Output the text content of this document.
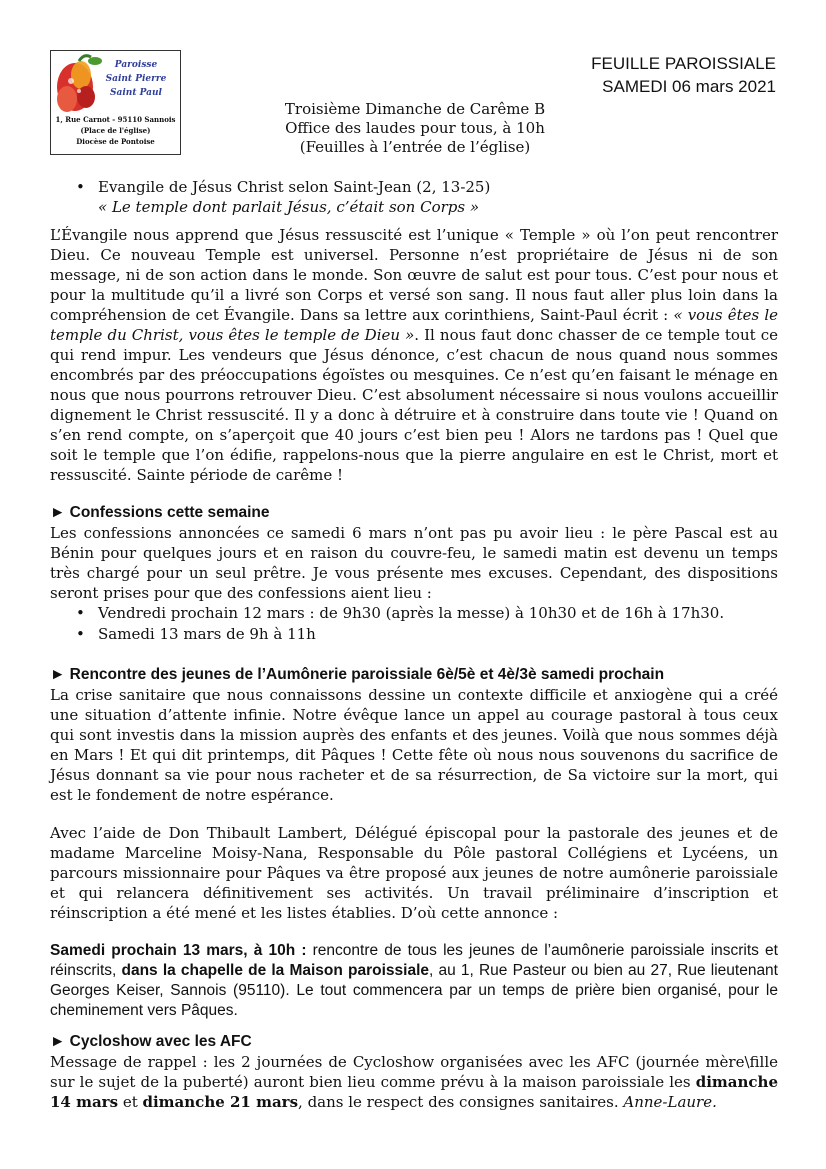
Paroisse
Saint Pierre
Saint Paul
1, Rue Carnot - 95110 Sannois
(Place de l'église)
Diocèse de Pontoise
FEUILLE PAROISSIALE
SAMEDI 06 mars 2021
Troisième Dimanche de Carême B
Office des laudes pour tous, à 10h
(Feuilles à l’entrée de l’église)
• Evangile de Jésus Christ selon Saint-Jean (2, 13-25)
« Le temple dont parlait Jésus, c’était son Corps »

L’Évangile nous apprend que Jésus ressuscité est l’unique « Temple » où l’on peut rencontrer Dieu. Ce nouveau Temple est universel. Personne n’est propriétaire de Jésus ni de son message, ni de son action dans le monde. Son œuvre de salut est pour tous. C’est pour nous et pour la multitude qu’il a livré son Corps et versé son sang. Il nous faut aller plus loin dans la compréhension de cet Évangile. Dans sa lettre aux corinthiens, Saint-Paul écrit : « vous êtes le temple du Christ, vous êtes le temple de Dieu ». Il nous faut donc chasser de ce temple tout ce qui rend impur. Les vendeurs que Jésus dénonce, c’est chacun de nous quand nous sommes encombrés par des préoccupations égoïstes ou mesquines. Ce n’est qu’en faisant le ménage en nous que nous pourrons retrouver Dieu. C’est absolument nécessaire si nous voulons accueillir dignement le Christ ressuscité. Il y a donc à détruire et à construire dans toute vie ! Quand on s’en rend compte, on s’aperçoit que 40 jours c’est bien peu ! Alors ne tardons pas ! Quel que soit le temple que l’on édifie, rappelons-nous que la pierre angulaire en est le Christ, mort et ressuscité. Sainte période de carême !

► Confessions cette semaine

Les confessions annoncées ce samedi 6 mars n’ont pas pu avoir lieu : le père Pascal est au Bénin pour quelques jours et en raison du couvre-feu, le samedi matin est devenu un temps très chargé pour un seul prêtre. Je vous présente mes excuses. Cependant, des dispositions seront prises pour que des confessions aient lieu :

• Vendredi prochain 12 mars : de 9h30 (après la messe) à 10h30 et de 16h à 17h30.
• Samedi 13 mars de 9h à 11h

► Rencontre des jeunes de l’Aumônerie paroissiale 6è/5è et 4è/3è samedi prochain

La crise sanitaire que nous connaissons dessine un contexte difficile et anxiogène qui a créé une situation d’attente infinie. Notre évêque lance un appel au courage pastoral à tous ceux qui sont investis dans la mission auprès des enfants et des jeunes. Voilà que nous sommes déjà en Mars ! Et qui dit printemps, dit Pâques ! Cette fête où nous nous souvenons du sacrifice de Jésus donnant sa vie pour nous racheter et de sa résurrection, de Sa victoire sur la mort, qui est le fondement de notre espérance.

Avec l’aide de Don Thibault Lambert, Délégué épiscopal pour la pastorale des jeunes et de madame Marceline Moisy-Nana, Responsable du Pôle pastoral Collégiens et Lycéens, un parcours missionnaire pour Pâques va être proposé aux jeunes de notre aumônerie paroissiale et qui relancera définitivement ses activités. Un travail préliminaire d’inscription et réinscription a été mené et les listes établies. D’où cette annonce :

Samedi prochain 13 mars, à 10h : rencontre de tous les jeunes de l’aumônerie paroissiale inscrits et réinscrits, dans la chapelle de la Maison paroissiale, au 1, Rue Pasteur ou bien au 27, Rue lieutenant Georges Keiser, Sannois (95110). Le tout commencera par un temps de prière bien organisé, pour le cheminement vers Pâques.

► Cycloshow avec les AFC

Message de rappel : les 2 journées de Cycloshow organisées avec les AFC (journée mère\fille sur le sujet de la puberté) auront bien lieu comme prévu à la maison paroissiale les dimanche 14 mars et dimanche 21 mars, dans le respect des consignes sanitaires. Anne-Laure.
